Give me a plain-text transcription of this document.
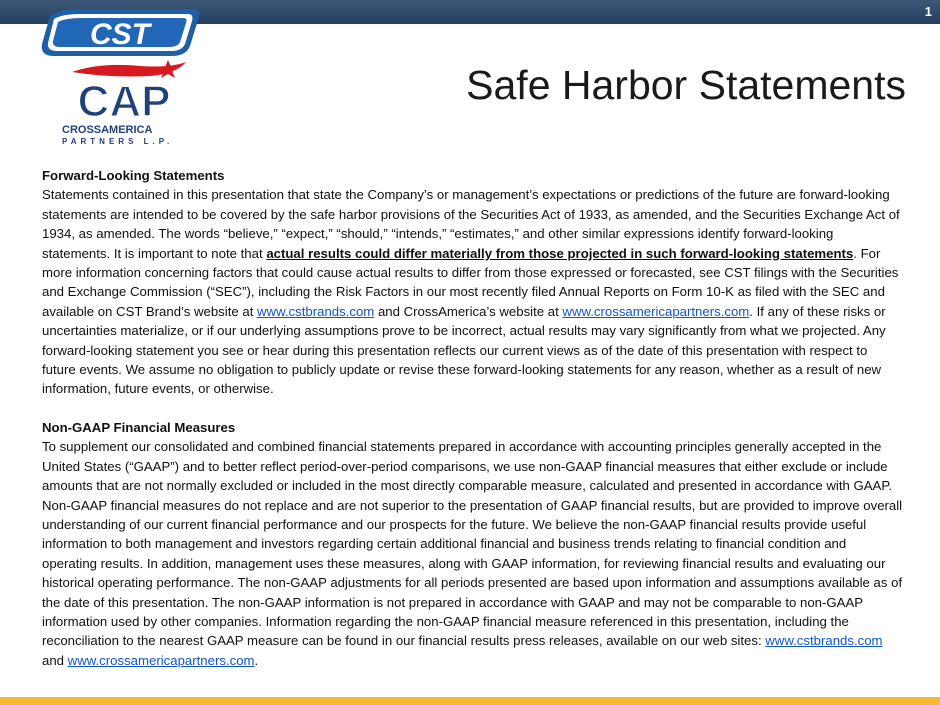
1
CST
CAP
CROSSAMERICA
PARTNERS L.P.
Safe Harbor Statements
Forward-Looking Statements

Statements contained in this presentation that state the Company’s or management’s expectations or predictions of the future are forward-looking statements are intended to be covered by the safe harbor provisions of the Securities Act of 1933, as amended, and the Securities Exchange Act of 1934, as amended. The words “believe,” “expect,” “should,” “intends,” “estimates,” and other similar expressions identify forward-looking statements. It is important to note that actual results could differ materially from those projected in such forward-looking statements. For more information concerning factors that could cause actual results to differ from those expressed or forecasted, see CST filings with the Securities and Exchange Commission (“SEC”), including the Risk Factors in our most recently filed Annual Reports on Form 10-K as filed with the SEC and available on CST Brand’s website at www.cstbrands.com and CrossAmerica’s website at www.crossamericapartners.com. If any of these risks or uncertainties materialize, or if our underlying assumptions prove to be incorrect, actual results may vary significantly from what we projected. Any forward-looking statement you see or hear during this presentation reflects our current views as of the date of this presentation with respect to future events. We assume no obligation to publicly update or revise these forward-looking statements for any reason, whether as a result of new information, future events, or otherwise.

Non-GAAP Financial Measures

To supplement our consolidated and combined financial statements prepared in accordance with accounting principles generally accepted in the United States (“GAAP”) and to better reflect period-over-period comparisons, we use non-GAAP financial measures that either exclude or include amounts that are not normally excluded or included in the most directly comparable measure, calculated and presented in accordance with GAAP. Non-GAAP financial measures do not replace and are not superior to the presentation of GAAP financial results, but are provided to improve overall understanding of our current financial performance and our prospects for the future. We believe the non-GAAP financial results provide useful information to both management and investors regarding certain additional financial and business trends relating to financial condition and operating results. In addition, management uses these measures, along with GAAP information, for reviewing financial results and evaluating our historical operating performance. The non-GAAP adjustments for all periods presented are based upon information and assumptions available as of the date of this presentation. The non-GAAP information is not prepared in accordance with GAAP and may not be comparable to non-GAAP information used by other companies. Information regarding the non-GAAP financial measure referenced in this presentation, including the reconciliation to the nearest GAAP measure can be found in our financial results press releases, available on our web sites: www.cstbrands.com and www.crossamericapartners.com.
